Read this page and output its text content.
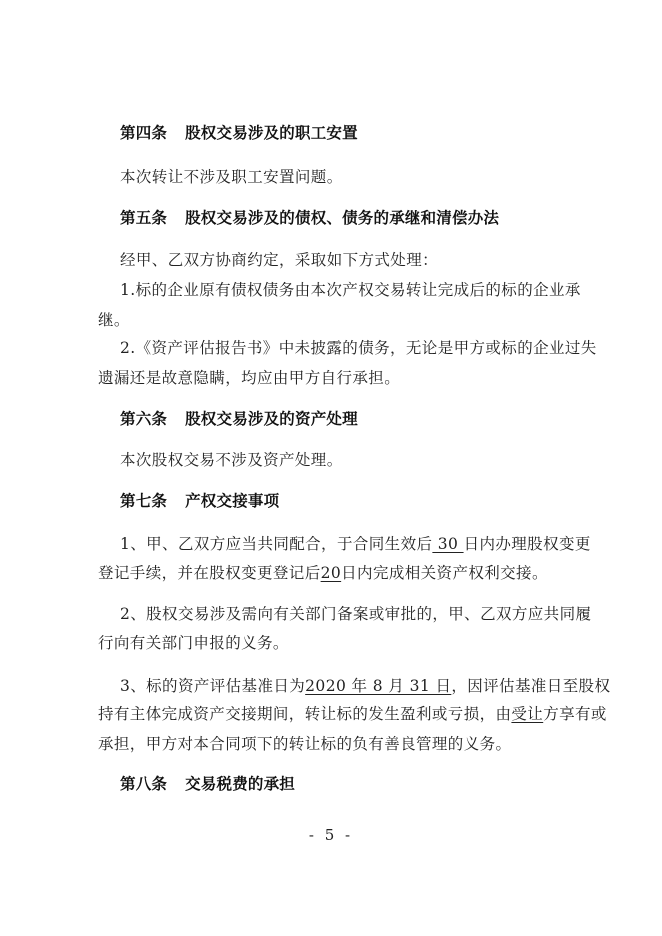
第四条 股权交易涉及的职工安置
本次转让不涉及职工安置问题。
第五条 股权交易涉及的债权、债务的承继和清偿办法
经甲、乙双方协商约定，采取如下方式处理：
1.标的企业原有债权债务由本次产权交易转让完成后的标的企业承
继。
2.《资产评估报告书》中未披露的债务，无论是甲方或标的企业过失
遗漏还是故意隐瞒，均应由甲方自行承担。
第六条 股权交易涉及的资产处理
本次股权交易不涉及资产处理。
第七条 产权交接事项
1、甲、乙双方应当共同配合，于合同生效后 30 日内办理股权变更
登记手续，并在股权变更登记后20日内完成相关资产权利交接。
2、股权交易涉及需向有关部门备案或审批的，甲、乙双方应共同履
行向有关部门申报的义务。
3、标的资产评估基准日为2020 年 8 月 31 日，因评估基准日至股权
持有主体完成资产交接期间，转让标的发生盈利或亏损，由受让方享有或
承担，甲方对本合同项下的转让标的负有善良管理的义务。
第八条 交易税费的承担
- 5 -
